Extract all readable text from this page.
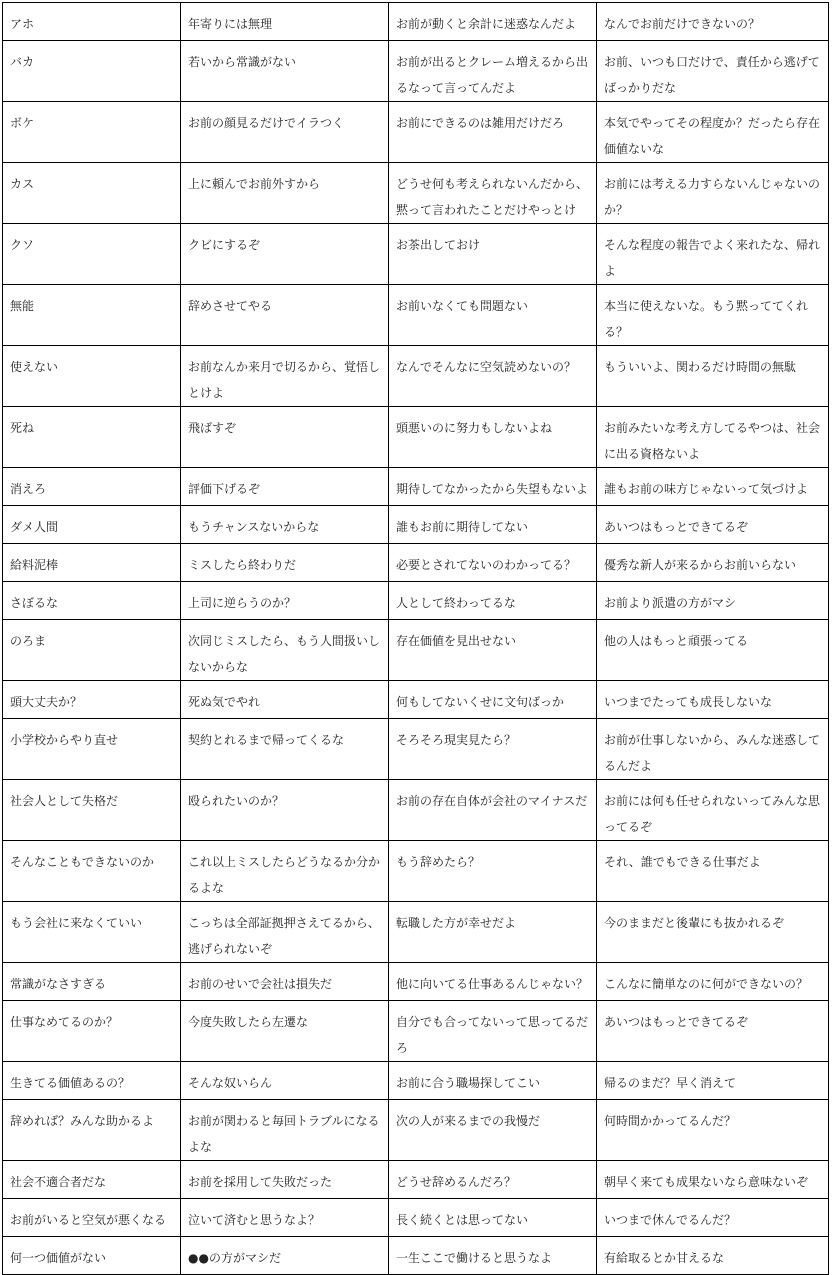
アホ	年寄りには無理	お前が動くと余計に迷惑なんだよ	なんでお前だけできないの？
バカ	若いから常識がない	お前が出るとクレーム増えるから出るなって言ってんだよ	お前、いつも口だけで、責任から逃げてばっかりだな
ボケ	お前の顔見るだけでイラつく	お前にできるのは雑用だけだろ	本気でやってその程度か？だったら存在価値ないな
カス	上に頼んでお前外すから	どうせ何も考えられないんだから、黙って言われたことだけやっとけ	お前には考える力すらないんじゃないのか？
クソ	クビにするぞ	お茶出しておけ	そんな程度の報告でよく来れたな、帰れよ
無能	辞めさせてやる	お前いなくても問題ない	本当に使えないな。もう黙っててくれる？
使えない	お前なんか来月で切るから、覚悟しとけよ	なんでそんなに空気読めないの？	もういいよ、関わるだけ時間の無駄
死ね	飛ばすぞ	頭悪いのに努力もしないよね	お前みたいな考え方してるやつは、社会に出る資格ないよ
消えろ	評価下げるぞ	期待してなかったから失望もないよ	誰もお前の味方じゃないって気づけよ
ダメ人間	もうチャンスないからな	誰もお前に期待してない	あいつはもっとできてるぞ
給料泥棒	ミスしたら終わりだ	必要とされてないのわかってる？	優秀な新人が来るからお前いらない
さぼるな	上司に逆らうのか？	人として終わってるな	お前より派遣の方がマシ
のろま	次同じミスしたら、もう人間扱いしないからな	存在価値を見出せない	他の人はもっと頑張ってる
頭大丈夫か？	死ぬ気でやれ	何もしてないくせに文句ばっか	いつまでたっても成長しないな
小学校からやり直せ	契約とれるまで帰ってくるな	そろそろ現実見たら？	お前が仕事しないから、みんな迷惑してるんだよ
社会人として失格だ	殴られたいのか？	お前の存在自体が会社のマイナスだ	お前には何も任せられないってみんな思ってるぞ
そんなこともできないのか	これ以上ミスしたらどうなるか分かるよな	もう辞めたら？	それ、誰でもできる仕事だよ
もう会社に来なくていい	こっちは全部証拠押さえてるから、逃げられないぞ	転職した方が幸せだよ	今のままだと後輩にも抜かれるぞ
常識がなさすぎる	お前のせいで会社は損失だ	他に向いてる仕事あるんじゃない？	こんなに簡単なのに何ができないの？
仕事なめてるのか？	今度失敗したら左遷な	自分でも合ってないって思ってるだろ	あいつはもっとできてるぞ
生きてる価値あるの？	そんな奴いらん	お前に合う職場探してこい	帰るのまだ？早く消えて
辞めれば？みんな助かるよ	お前が関わると毎回トラブルになるよな	次の人が来るまでの我慢だ	何時間かかってるんだ？
社会不適合者だな	お前を採用して失敗だった	どうせ辞めるんだろ？	朝早く来ても成果ないなら意味ないぞ
お前がいると空気が悪くなる	泣いて済むと思うなよ？	長く続くとは思ってない	いつまで休んでるんだ？
何一つ価値がない	●●の方がマシだ	一生ここで働けると思うなよ	有給取るとか甘えるな
